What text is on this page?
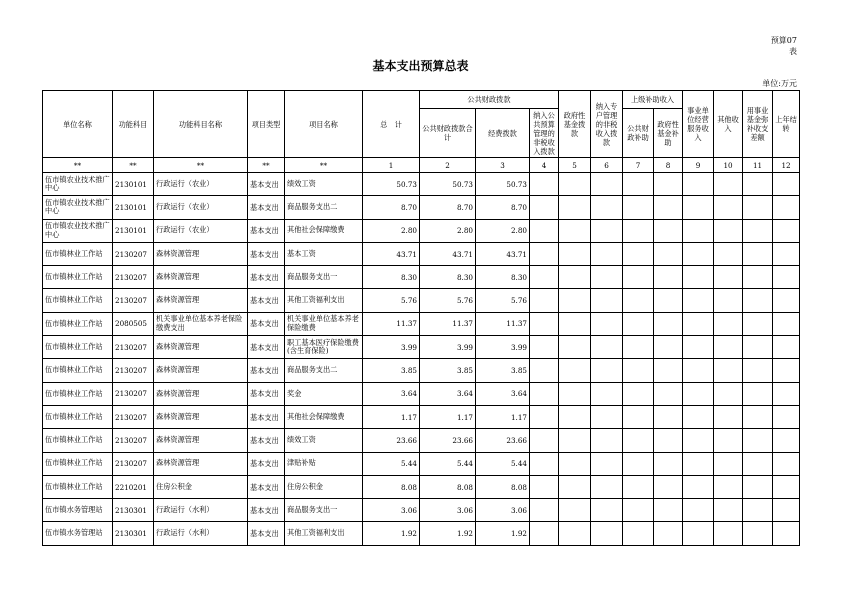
预算07
表
基本支出预算总表
单位:万元
单位名称	功能科目	功能科目名称	项目类型	项目名称	总　计	公共财政拨款			政府性基金拨款	纳入专户管理的非税收入拨款	上级补助收入		事业单位经营服务收入	其他收入	用事业基金弥补收支差额	上年结转
						公共财政拨款合计	经费拨款	纳入公共预算管理的非税收入拨款			公共财政补助	政府性基金补助				
**	**	**	**	**	1	2	3	4	5	6	7	8	9	10	11	12
伍市镇农业技术推广中心	2130101	行政运行（农业）	基本支出	绩效工资	50.73	50.73	50.73									
伍市镇农业技术推广中心	2130101	行政运行（农业）	基本支出	商品服务支出二	8.70	8.70	8.70									
伍市镇农业技术推广中心	2130101	行政运行（农业）	基本支出	其他社会保障缴费	2.80	2.80	2.80									
伍市镇林业工作站	2130207	森林资源管理	基本支出	基本工资	43.71	43.71	43.71									
伍市镇林业工作站	2130207	森林资源管理	基本支出	商品服务支出一	8.30	8.30	8.30									
伍市镇林业工作站	2130207	森林资源管理	基本支出	其他工资福利支出	5.76	5.76	5.76									
伍市镇林业工作站	2080505	机关事业单位基本养老保险缴费支出	基本支出	机关事业单位基本养老保险缴费	11.37	11.37	11.37									
伍市镇林业工作站	2130207	森林资源管理	基本支出	职工基本医疗保险缴费(含生育保险)	3.99	3.99	3.99									
伍市镇林业工作站	2130207	森林资源管理	基本支出	商品服务支出二	3.85	3.85	3.85									
伍市镇林业工作站	2130207	森林资源管理	基本支出	奖金	3.64	3.64	3.64									
伍市镇林业工作站	2130207	森林资源管理	基本支出	其他社会保障缴费	1.17	1.17	1.17									
伍市镇林业工作站	2130207	森林资源管理	基本支出	绩效工资	23.66	23.66	23.66									
伍市镇林业工作站	2130207	森林资源管理	基本支出	津贴补贴	5.44	5.44	5.44									
伍市镇林业工作站	2210201	住房公积金	基本支出	住房公积金	8.08	8.08	8.08									
伍市镇水务管理站	2130301	行政运行（水利）	基本支出	商品服务支出一	3.06	3.06	3.06									
伍市镇水务管理站	2130301	行政运行（水利）	基本支出	其他工资福利支出	1.92	1.92	1.92									
